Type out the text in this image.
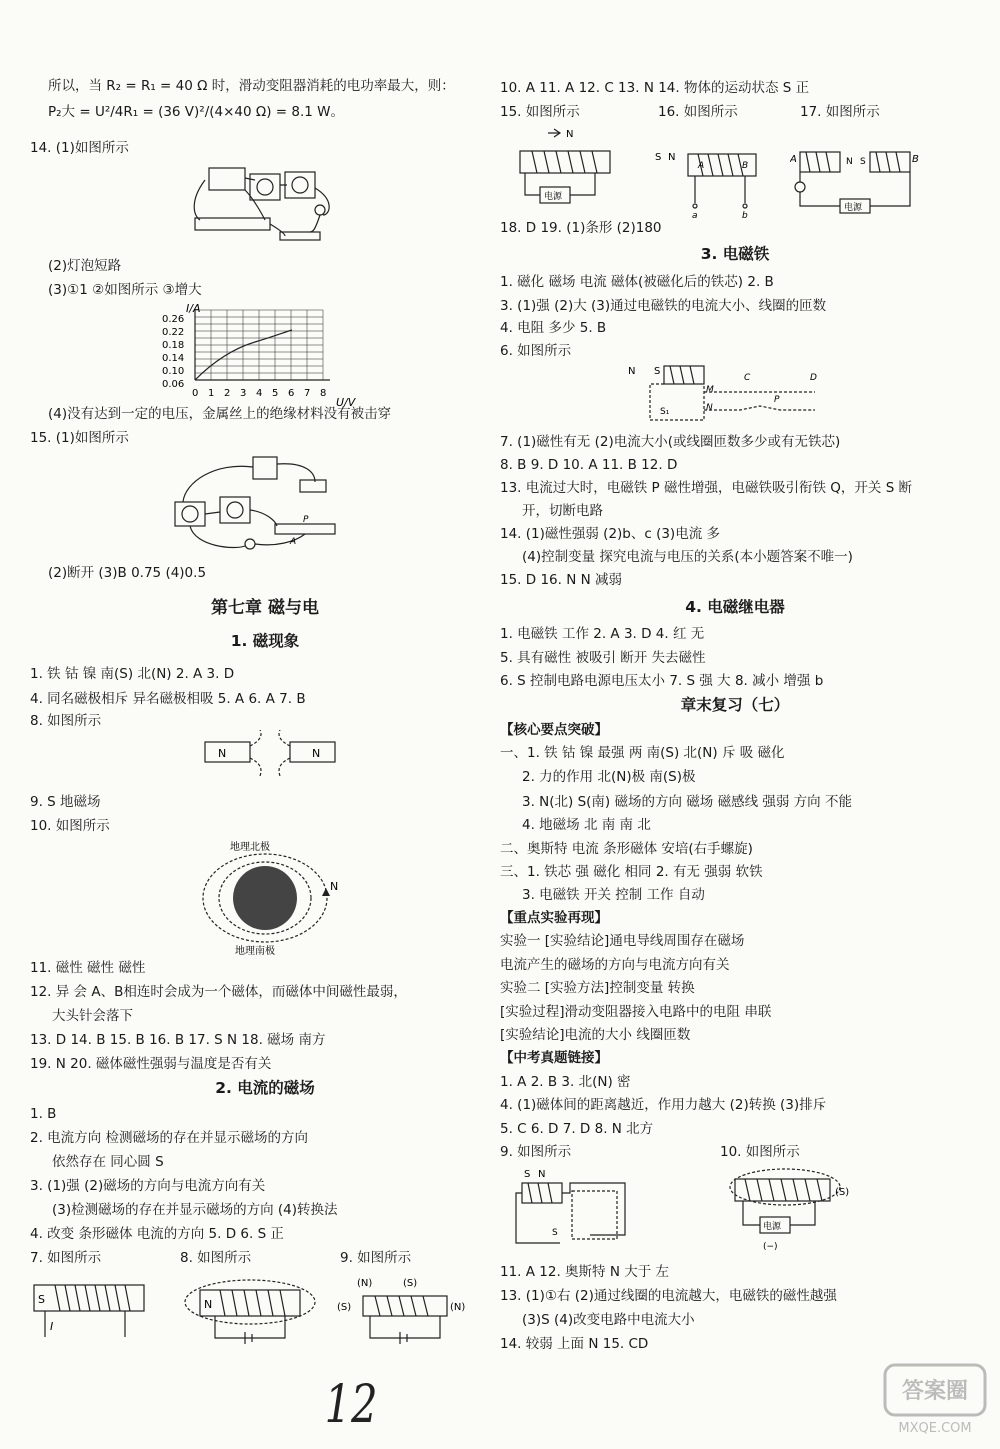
所以，当 R₂ = R₁ = 40 Ω 时，滑动变阻器消耗的电功率最大，则：
P₂大 = U²/4R₁ = (36 V)²/(4×40 Ω) = 8.1 W。
14. (1)如图所示
(2)灯泡短路
(3)①1 ②如图所示 ③增大
I/A
U/V
0.26
0.22
0.18
0.14
0.10
0.06
0 1 2 3 4 5 6 7 8
(4)没有达到一定的电压，金属丝上的绝缘材料没有被击穿
15. (1)如图所示
P
A
(2)断开 (3)B 0.75 (4)0.5
第七章 磁与电
1. 磁现象
1. 铁 钴 镍 南(S) 北(N) 2. A 3. D
4. 同名磁极相斥 异名磁极相吸 5. A 6. A 7. B
8. 如图所示
N	N
9. S 地磁场
10. 如图所示
地理北极
地理南极
N
11. 磁性 磁性 磁性
12. 异 会 A、B相连时会成为一个磁体，而磁体中间磁性最弱，
大头针会落下
13. D 14. B 15. B 16. B 17. S N 18. 磁场 南方
19. N 20. 磁体磁性强弱与温度是否有关
2. 电流的磁场
1. B
2. 电流方向 检测磁场的存在并显示磁场的方向
依然存在 同心圆 S
3. (1)强 (2)磁场的方向与电流方向有关
(3)检测磁场的存在并显示磁场的方向 (4)转换法
4. 改变 条形磁体 电流的方向 5. D 6. S 正
7. 如图所示	8. 如图所示	9. 如图所示
S
I
N
(N)	(S)
(S)	(N)
10. A 11. A 12. C 13. N 14. 物体的运动状态 S 正
15. 如图所示	16. 如图所示	17. 如图所示
N
电源
S N
A	B
a	b
A	B
N S
电源
18. D 19. (1)条形 (2)180
3. 电磁铁
1. 磁化 磁场 电流 磁体(被磁化后的铁芯) 2. B
3. (1)强 (2)大 (3)通过电磁铁的电流大小、线圈的匝数
4. 电阻 多少 5. B
6. 如图所示
N S
M
C	D
P
N
S₁
7. (1)磁性有无 (2)电流大小(或线圈匝数多少或有无铁芯)
8. B 9. D 10. A 11. B 12. D
13. 电流过大时，电磁铁 P 磁性增强，电磁铁吸引衔铁 Q，开关 S 断
开，切断电路
14. (1)磁性强弱 (2)b、c (3)电流 多
(4)控制变量 探究电流与电压的关系(本小题答案不唯一)
15. D 16. N N 减弱
4. 电磁继电器
1. 电磁铁 工作 2. A 3. D 4. 红 无
5. 具有磁性 被吸引 断开 失去磁性
6. S 控制电路电源电压太小 7. S 强 大 8. 减小 增强 b
章末复习（七）
【核心要点突破】
一、1. 铁 钴 镍 最强 两 南(S) 北(N) 斥 吸 磁化
2. 力的作用 北(N)极 南(S)极
3. N(北) S(南) 磁场的方向 磁场 磁感线 强弱 方向 不能
4. 地磁场 北 南 南 北
二、奥斯特 电流 条形磁体 安培(右手螺旋)
三、1. 铁芯 强 磁化 相同 2. 有无 强弱 软铁
3. 电磁铁 开关 控制 工作 自动
【重点实验再现】
实验一 [实验结论]通电导线周围存在磁场
电流产生的磁场的方向与电流方向有关
实验二 [实验方法]控制变量 转换
[实验过程]滑动变阻器接入电路中的电阻 串联
[实验结论]电流的大小 线圈匝数
【中考真题链接】
1. A 2. B 3. 北(N) 密
4. (1)磁体间的距离越近，作用力越大 (2)转换 (3)排斥
5. C 6. D 7. D 8. N 北方
9. 如图所示	10. 如图所示
S N
S
(S)
电源
(−)
11. A 12. 奥斯特 N 大于 左
13. (1)①右 (2)通过线圈的电流越大，电磁铁的磁性越强
(3)S (4)改变电路中电流大小
14. 较弱 上面 N 15. CD
12	答案圈
MXQE.COM
